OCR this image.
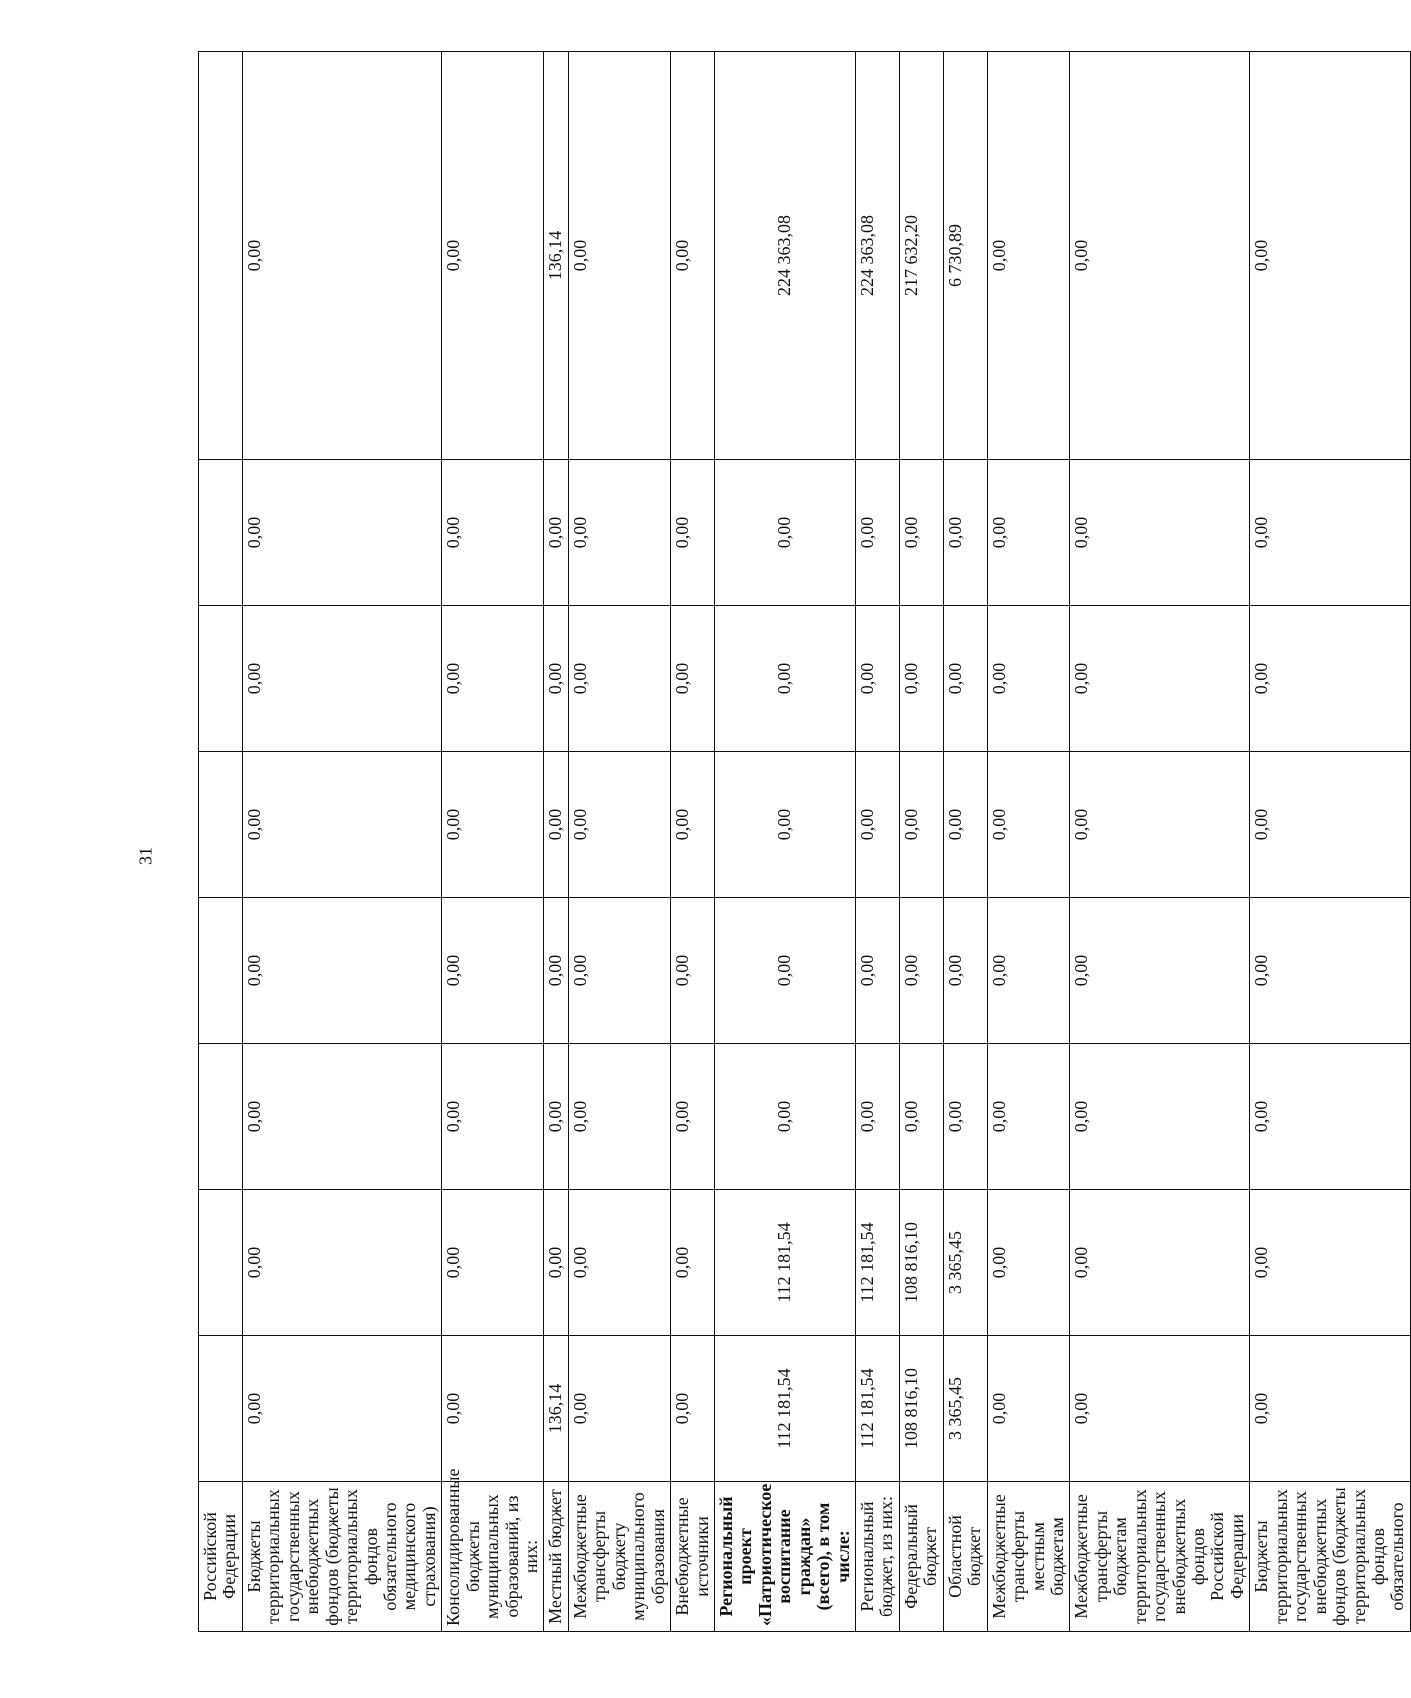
31
Российской Федерации								
Бюджеты территориальных государственных внебюджетных фондов (бюджеты территориальных фондов обязательного медицинского страхования)	0,00	0,00	0,00	0,00	0,00	0,00	0,00	0,00
Консолидированные бюджеты муниципальных образований, из них:	0,00	0,00	0,00	0,00	0,00	0,00	0,00	0,00
Местный бюджет	136,14	0,00	0,00	0,00	0,00	0,00	0,00	136,14
Межбюджетные трансферты бюджету муниципального образования	0,00	0,00	0,00	0,00	0,00	0,00	0,00	0,00
Внебюджетные источники	0,00	0,00	0,00	0,00	0,00	0,00	0,00	0,00
Региональный проект «Патриотическое воспитание граждан» (всего), в том числе:	112 181,54	112 181,54	0,00	0,00	0,00	0,00	0,00	224 363,08
Региональный бюджет, из них:	112 181,54	112 181,54	0,00	0,00	0,00	0,00	0,00	224 363,08
Федеральный бюджет	108 816,10	108 816,10	0,00	0,00	0,00	0,00	0,00	217 632,20
Областной бюджет	3 365,45	3 365,45	0,00	0,00	0,00	0,00	0,00	6 730,89
Межбюджетные трансферты местным бюджетам	0,00	0,00	0,00	0,00	0,00	0,00	0,00	0,00
Межбюджетные трансферты бюджетам территориальных государственных внебюджетных фондов Российской Федерации	0,00	0,00	0,00	0,00	0,00	0,00	0,00	0,00
Бюджеты территориальных государственных внебюджетных фондов (бюджеты территориальных фондов обязательного	0,00	0,00	0,00	0,00	0,00	0,00	0,00	0,00
